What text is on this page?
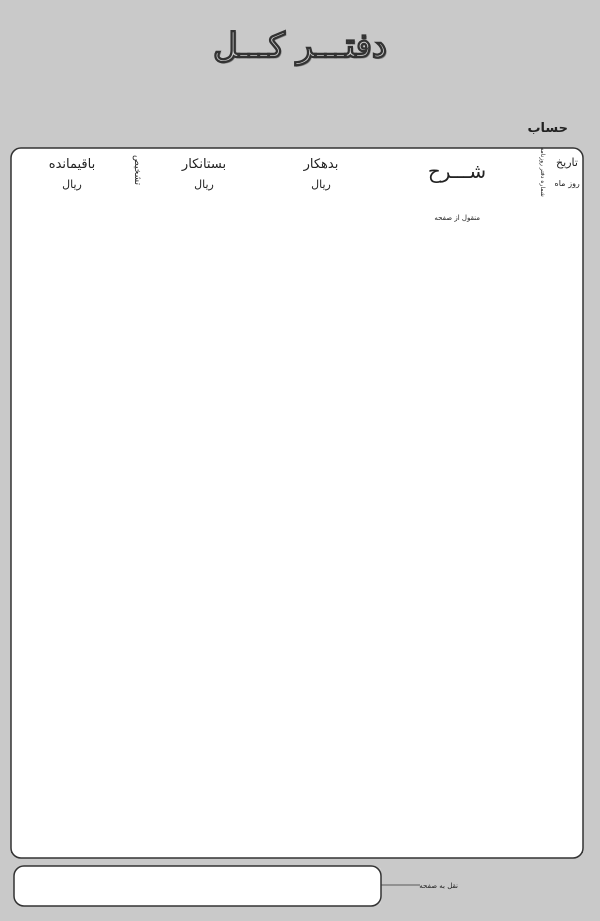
دفتـــر کـــل
حساب
تاریخ
روز
ماه
شماره دفتر روزنامه
شـــرح
بدهکار
ریال
بستانکار
ریال
تشخیص
باقیمانده
ریال
منقول از صفحه
نقل به صفحه
